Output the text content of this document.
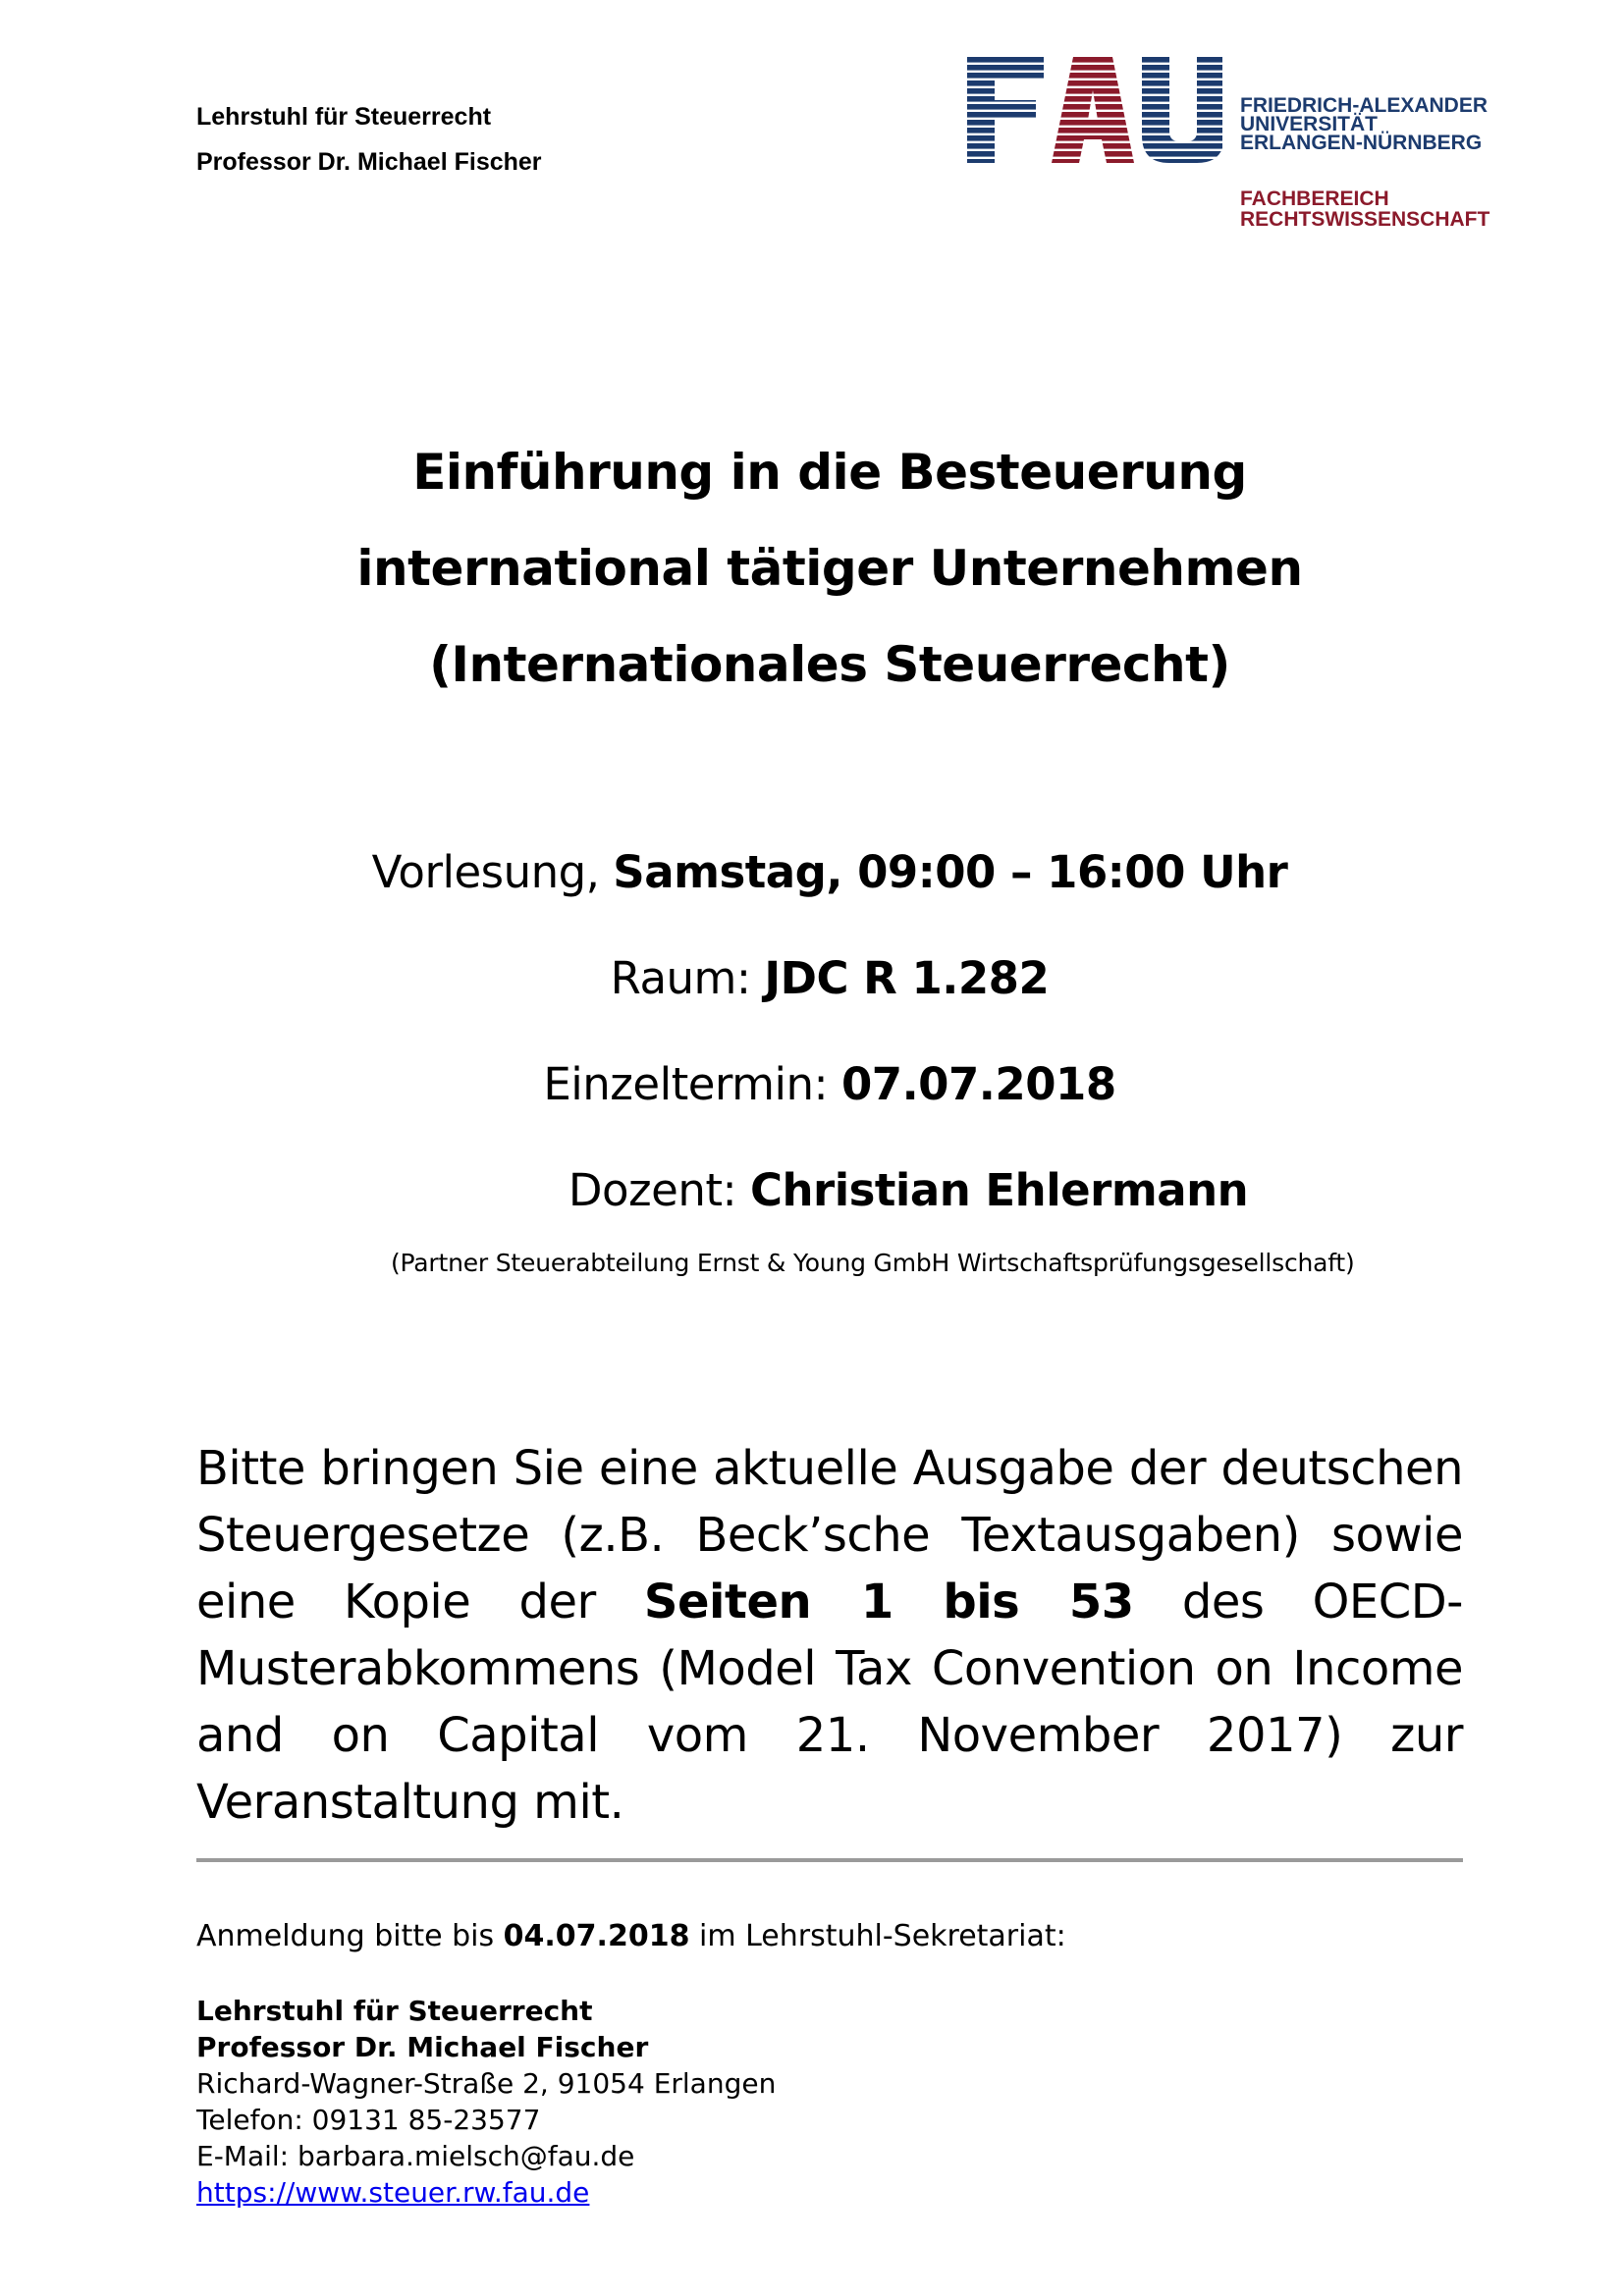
Lehrstuhl für Steuerrecht
Professor Dr. Michael Fischer
FRIEDRICH-ALEXANDER
UNIVERSITÄT
ERLANGEN-NÜRNBERG
FACHBEREICH
RECHTSWISSENSCHAFT
Einführung in die Besteuerung
international tätiger Unternehmen
(Internationales Steuerrecht)
Vorlesung, Samstag, 09:00 – 16:00 Uhr
Raum: JDC R 1.282
Einzeltermin: 07.07.2018
Dozent: Christian Ehlermann
(Partner Steuerabteilung Ernst & Young GmbH Wirtschaftsprüfungsgesellschaft)
Bitte bringen Sie eine aktuelle Ausgabe der deutschen Steuergesetze (z.B. Beck’sche Textausgaben) sowie eine Kopie der Seiten 1 bis 53 des OECD-Musterabkommens (Model Tax Convention on Income and on Capital vom 21. November 2017) zur Veranstaltung mit.
Anmeldung bitte bis 04.07.2018 im Lehrstuhl-Sekretariat:
Lehrstuhl für Steuerrecht
Professor Dr. Michael Fischer
Richard-Wagner-Straße 2, 91054 Erlangen
Telefon: 09131 85-23577
E-Mail: barbara.mielsch@fau.de
https://www.steuer.rw.fau.de
